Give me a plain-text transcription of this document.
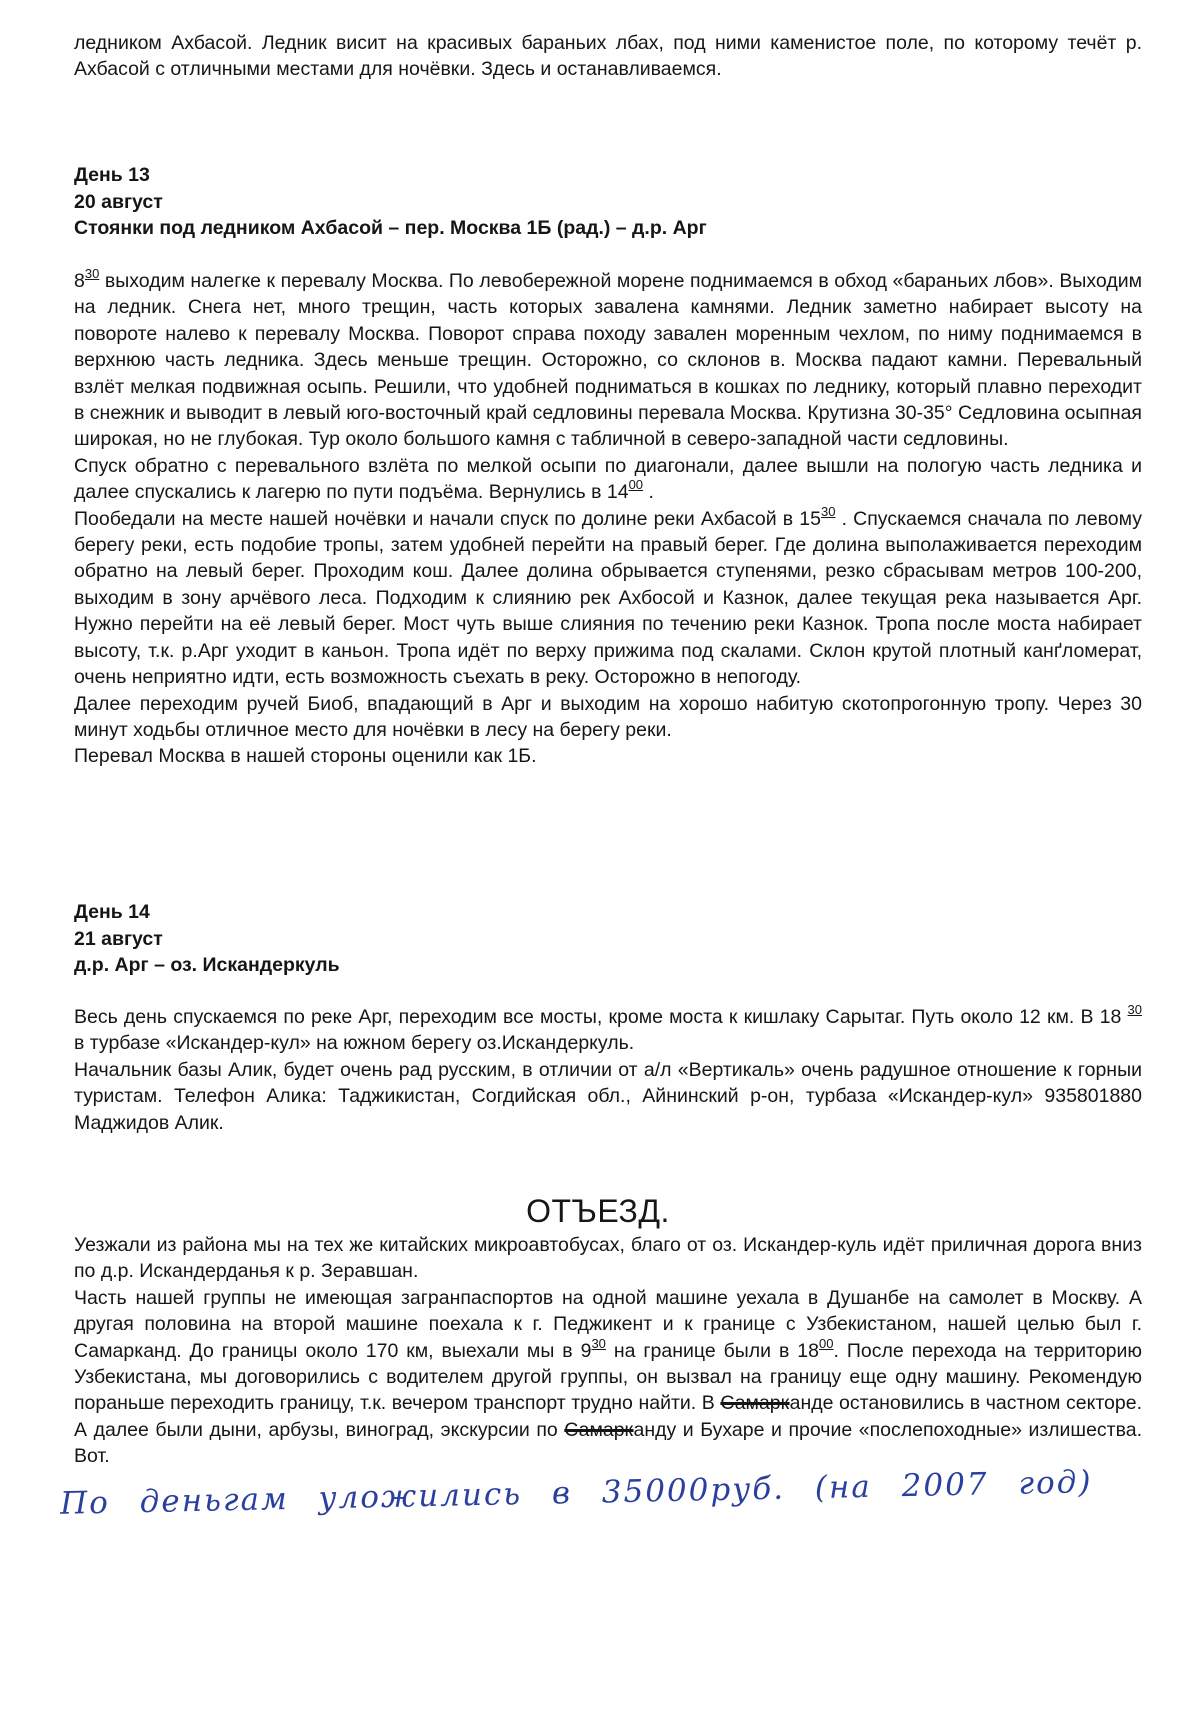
ледником Ахбасой. Ледник висит на красивых бараньих лбах, под ними каменистое поле, по которому течёт р. Ахбасой с отличными местами для ночёвки. Здесь и останавливаемся.

День 13

20 август

Стоянки под ледником Ахбасой – пер. Москва 1Б (рад.) – д.р. Арг

$8^{30}$ выходим налегке к перевалу Москва. По левобережной морене поднимаемся в обход «бараньих лбов». Выходим на ледник. Снега нет, много трещин, часть которых завалена камнями. Ледник заметно набирает высоту на повороте налево к перевалу Москва. Поворот справа походу завален моренным чехлом, по ниму поднимаемся в верхнюю часть ледника. Здесь меньше трещин. Осторожно, со склонов в. Москва падают камни. Перевальный взлёт мелкая подвижная осыпь. Решили, что удобней подниматься в кошках по леднику, который плавно переходит в снежник и выводит в левый юго-восточный край седловины перевала Москва. Крутизна 30-35° Седловина осыпная широкая, но не глубокая. Тур около большого камня с табличной в северо-западной части седловины.

Спуск обратно с перевального взлёта по мелкой осыпи по диагонали, далее вышли на пологую часть ледника и далее спускались к лагерю по пути подъёма. Вернулись в $14^{00}$ .

Пообедали на месте нашей ночёвки и начали спуск по долине реки Ахбасой в $15^{30}$ . Спускаемся сначала по левому берегу реки, есть подобие тропы, затем удобней перейти на правый берег. Где долина выполаживается переходим обратно на левый берег. Проходим кош. Далее долина обрывается ступенями, резко сбрасывам метров 100-200, выходим в зону арчёвого леса. Подходим к слиянию рек Ахбосой и Казнок, далее текущая река называется Арг. Нужно перейти на её левый берег. Мост чуть выше слияния по течению реки Казнок. Тропа после моста набирает высоту, т.к. р.Арг уходит в каньон. Тропа идёт по верху прижима под скалами. Склон крутой плотный канґломерат, очень неприятно идти, есть возможность съехать в реку. Осторожно в непогоду.

Далее переходим ручей Биоб, впадающий в Арг и выходим на хорошо набитую скотопрогонную тропу. Через 30 минут ходьбы отличное место для ночёвки в лесу на берегу реки.

Перевал Москва в нашей стороны оценили как 1Б.

День 14

21 август

д.р. Арг – оз. Искандеркуль

Весь день спускаемся по реке Арг, переходим все мосты, кроме моста к кишлаку Сарытаг. Путь около 12 км. В 18 $^{30}$ в турбазе «Искандер-кул» на южном берегу оз.Искандеркуль.

Начальник базы Алик, будет очень рад русским, в отличии от а/л «Вертикаль» очень радушное отношение к горныи туристам. Телефон Алика: Таджикистан, Согдийская обл., Айнинский р-он, турбаза «Искандер-кул» 935801880 Маджидов Алик.

ОТЪЕЗД.

Уезжали из района мы на тех же китайских микроавтобусах, благо от оз. Искандер-куль идёт приличная дорога вниз по д.р. Искандерданья к р. Зеравшан.

Часть нашей группы не имеющая загранпаспортов на одной машине уехала в Душанбе на самолет в Москву. А другая половина на второй машине поехала к г. Педжикент и к границе с Узбекистаном, нашей целью был г. Самарканд. До границы около 170 км, выехали мы в $9^{30}$ на границе были в $18^{00}$. После перехода на территорию Узбекистана, мы договорились с водителем другой группы, он вызвал на границу еще одну машину. Рекомендую пораньше переходить границу, т.к. вечером транспорт трудно найти. В Самарканде остановились в частном секторе. А далее были дыни, арбузы, виноград, экскурсии по Самарканду и Бухаре и прочие «послепоходные» излишества. Вот.

По деньгам уложились в 35000руб. (на 2007 год)
